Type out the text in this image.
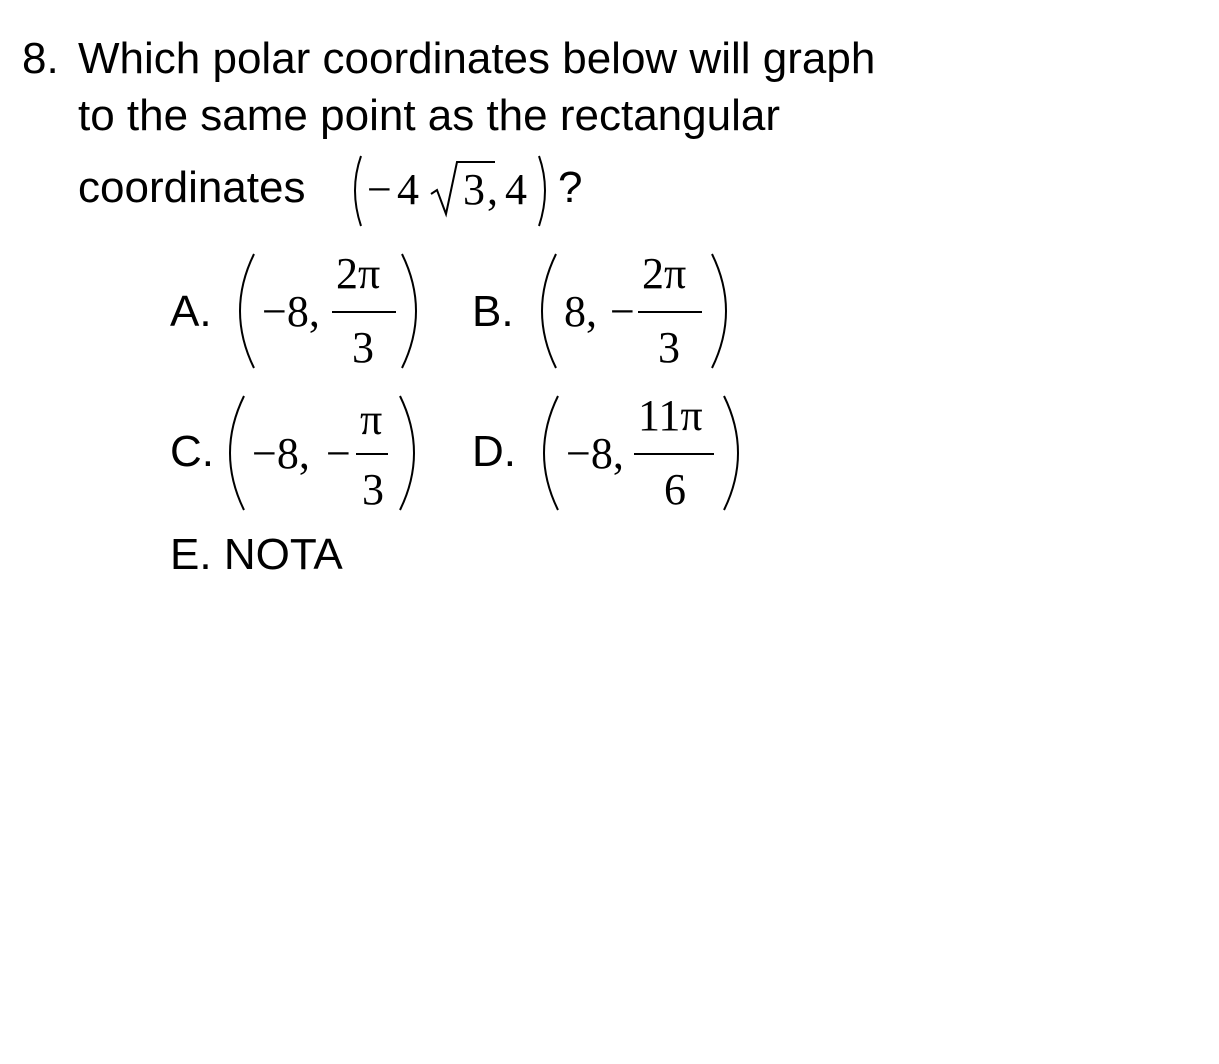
8. Which polar coordinates below will graph
to the same point as the rectangular
coordinates − 4 3 , 4 ?
A. −8,
2π
3
B. 8, −
2π
3
C. −8, −
π
3
D. −8,
11π
6
E. NOTA
